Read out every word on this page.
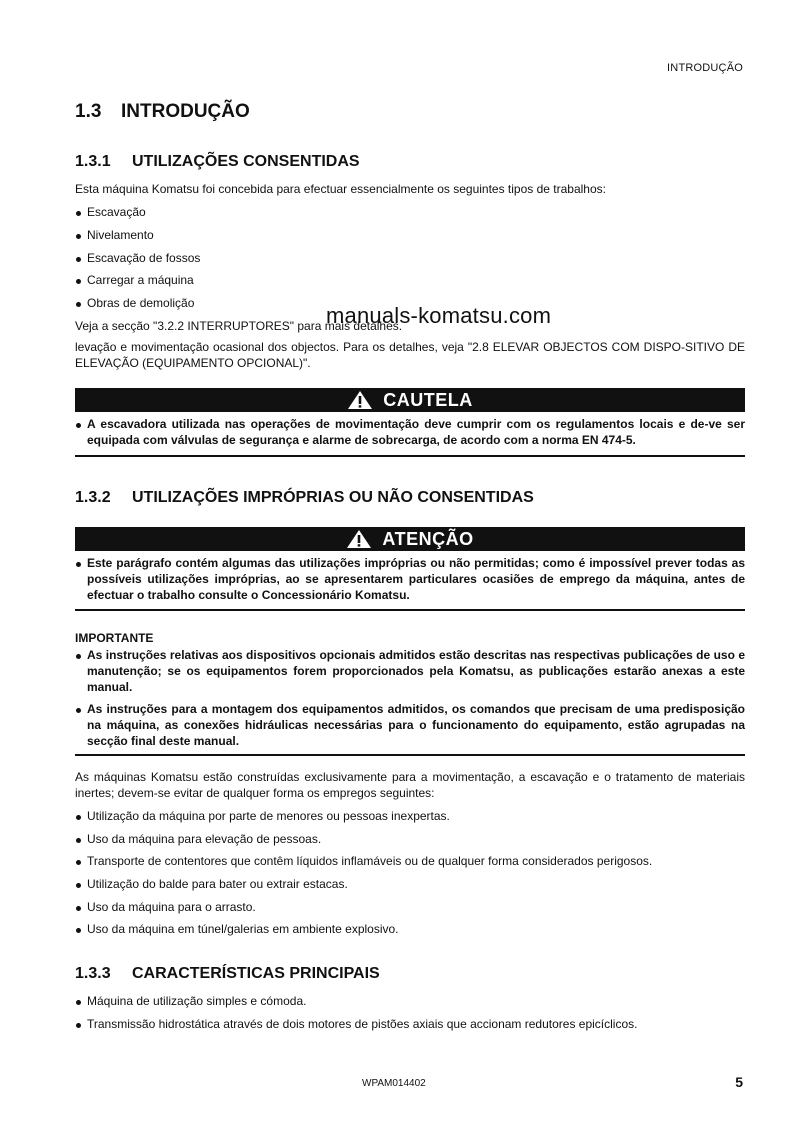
INTRODUÇÃO
1.3 INTRODUÇÃO
1.3.1 UTILIZAÇÕES CONSENTIDAS
Esta máquina Komatsu foi concebida para efectuar essencialmente os seguintes tipos de trabalhos:
Escavação
Nivelamento
Escavação de fossos
Carregar a máquina
Obras de demolição
Veja a secção "3.2.2 INTERRUPTORES" para mais detalhes.
manuals-komatsu.com
levação e movimentação ocasional dos objectos. Para os detalhes, veja "2.8 ELEVAR OBJECTOS COM DISPO-SITIVO DE ELEVAÇÃO (EQUIPAMENTO OPCIONAL)".
CAUTELA
A escavadora utilizada nas operações de movimentação deve cumprir com os regulamentos locais e de-ve ser equipada com válvulas de segurança e alarme de sobrecarga, de acordo com a norma EN 474-5.
1.3.2 UTILIZAÇÕES IMPRÓPRIAS OU NÃO CONSENTIDAS
ATENÇÃO
Este parágrafo contém algumas das utilizações impróprias ou não permitidas; como é impossível prever todas as possíveis utilizações impróprias, ao se apresentarem particulares ocasiões de emprego da máquina, antes de efectuar o trabalho consulte o Concessionário Komatsu.
IMPORTANTE
As instruções relativas aos dispositivos opcionais admitidos estão descritas nas respectivas publicações de uso e manutenção; se os equipamentos forem proporcionados pela Komatsu, as publicações estarão anexas a este manual.
As instruções para a montagem dos equipamentos admitidos, os comandos que precisam de uma predisposição na máquina, as conexões hidráulicas necessárias para o funcionamento do equipamento, estão agrupadas na secção final deste manual.
As máquinas Komatsu estão construídas exclusivamente para a movimentação, a escavação e o tratamento de materiais inertes; devem-se evitar de qualquer forma os empregos seguintes:
Utilização da máquina por parte de menores ou pessoas inexpertas.
Uso da máquina para elevação de pessoas.
Transporte de contentores que contêm líquidos inflamáveis ou de qualquer forma considerados perigosos.
Utilização do balde para bater ou extrair estacas.
Uso da máquina para o arrasto.
Uso da máquina em túnel/galerias em ambiente explosivo.
1.3.3 CARACTERÍSTICAS PRINCIPAIS
Máquina de utilização simples e cómoda.
Transmissão hidrostática através de dois motores de pistões axiais que accionam redutores epicíclicos.
WPAM014402	5
